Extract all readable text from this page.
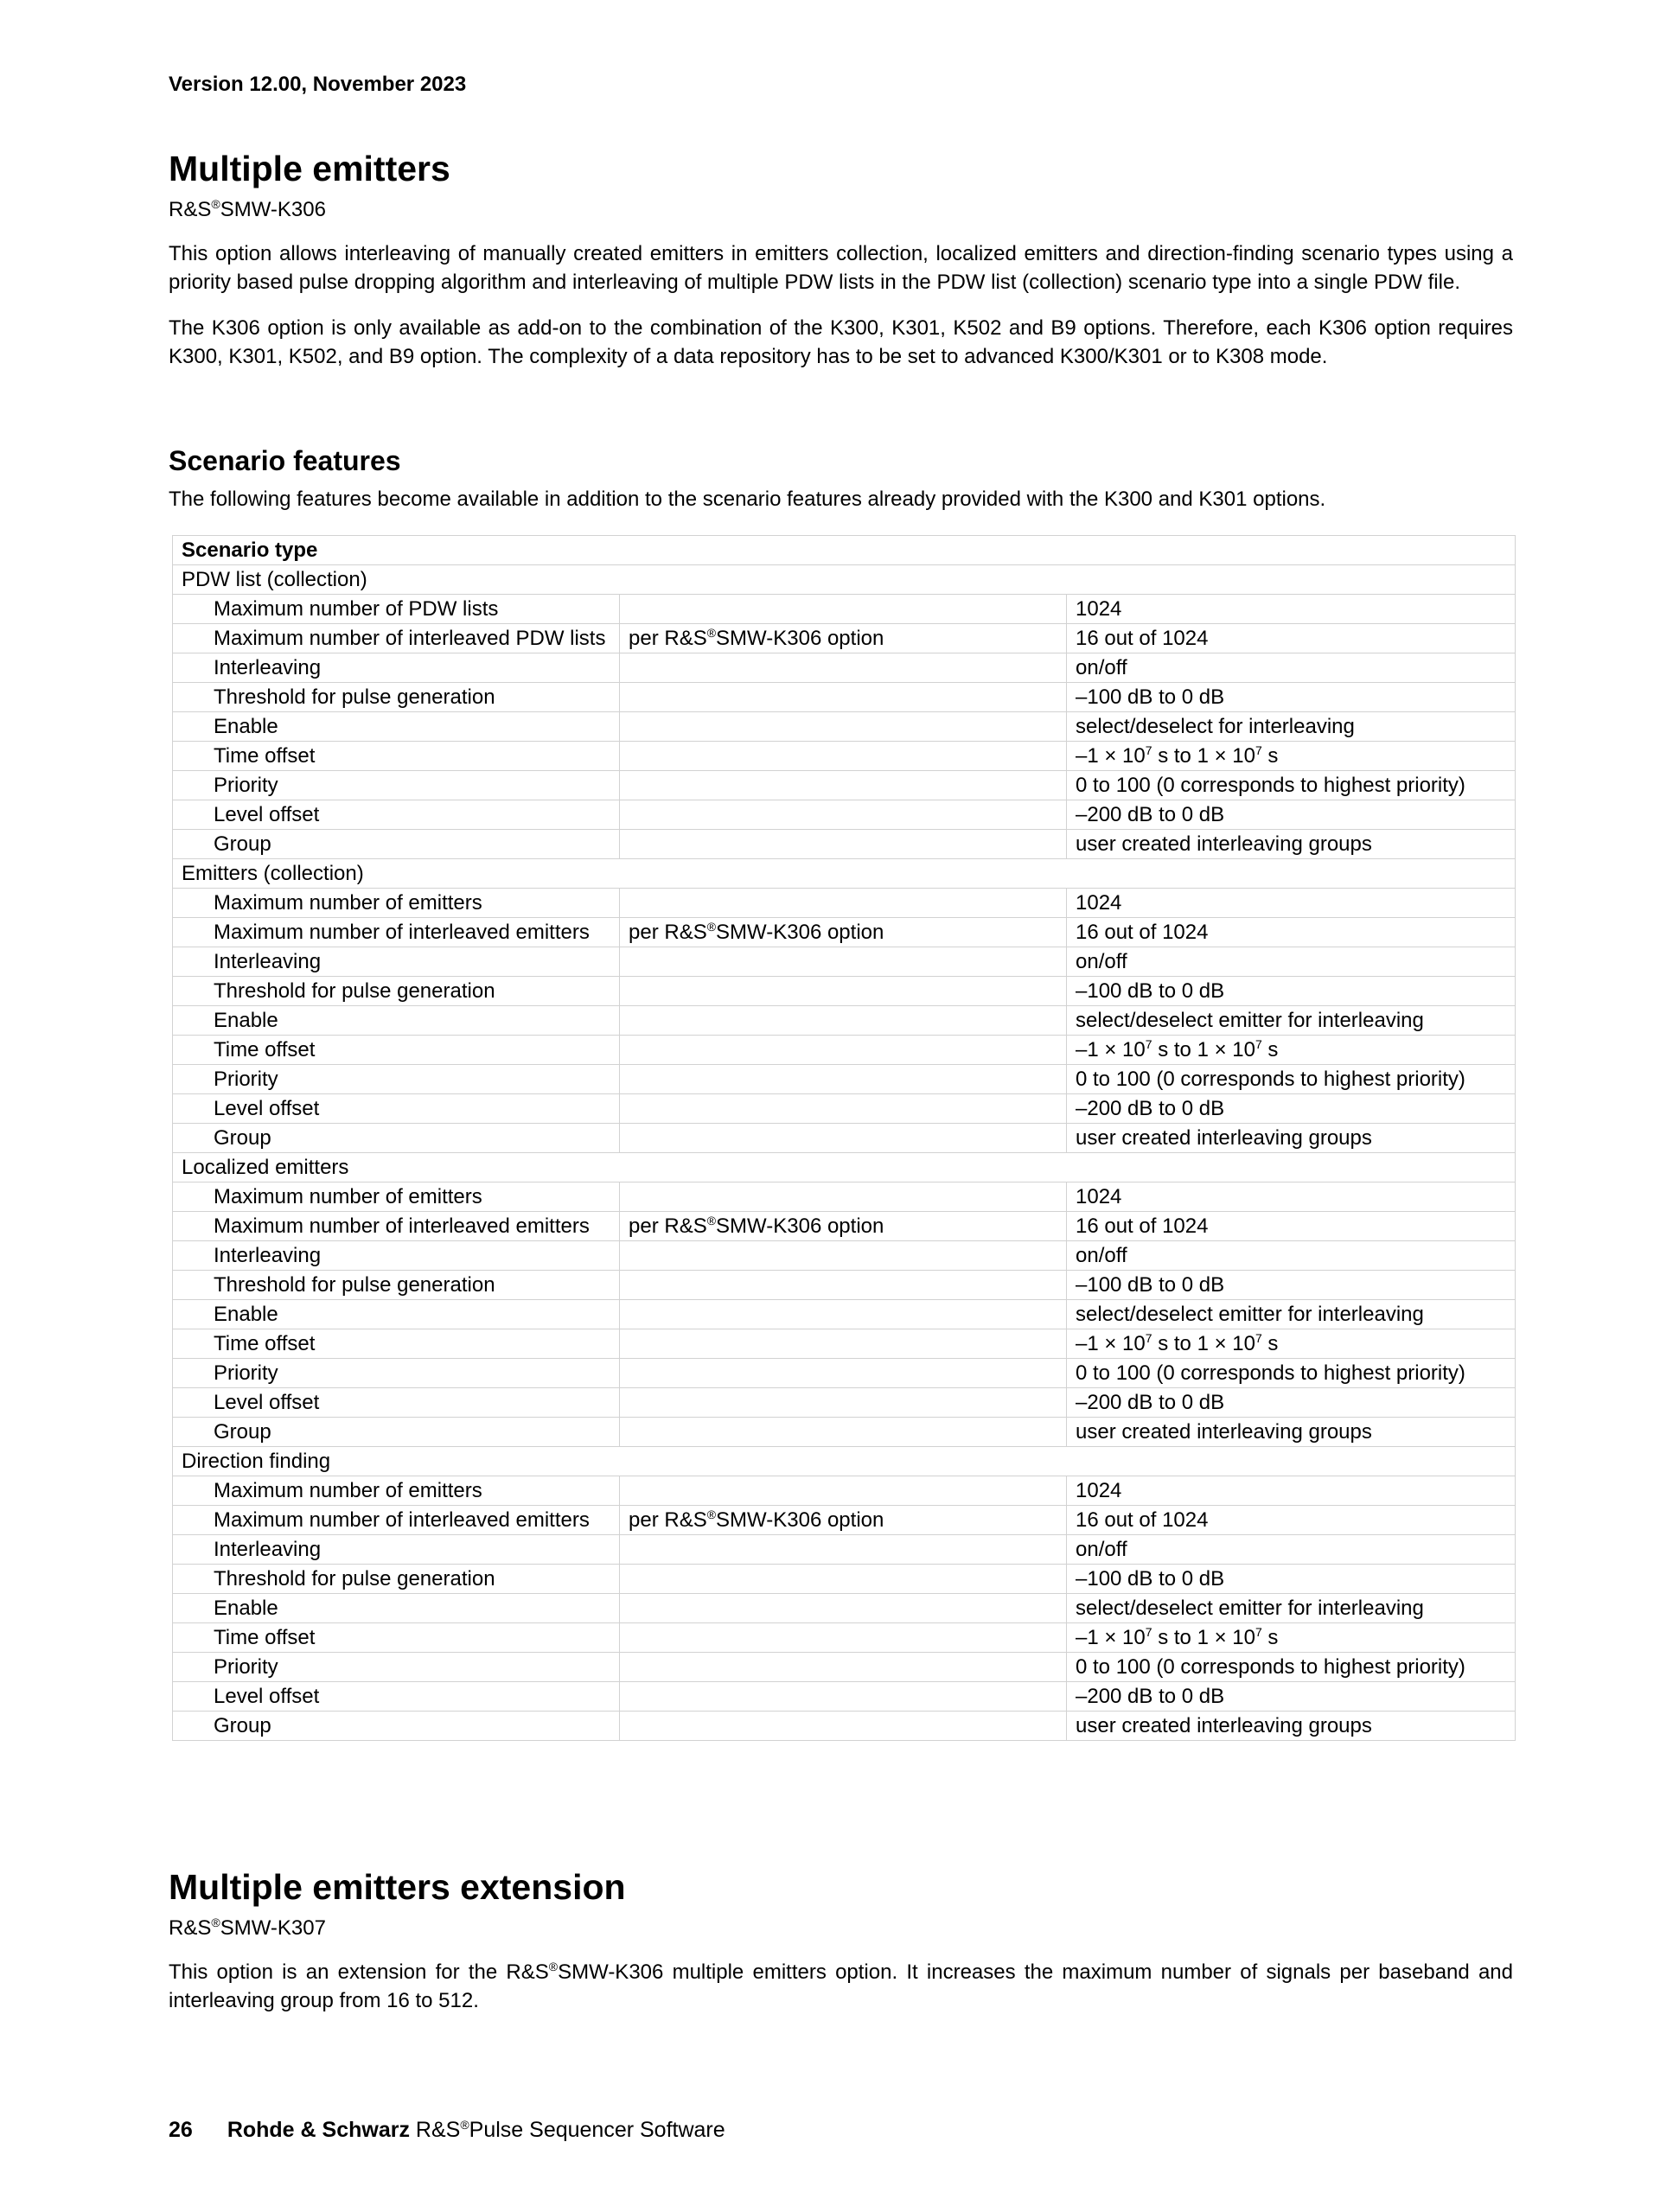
Version 12.00, November 2023
Multiple emitters
R&S®SMW-K306

This option allows interleaving of manually created emitters in emitters collection, localized emitters and direction-finding scenario types using a priority based pulse dropping algorithm and interleaving of multiple PDW lists in the PDW list (collection) scenario type into a single PDW file.

The K306 option is only available as add-on to the combination of the K300, K301, K502 and B9 options. Therefore, each K306 option requires K300, K301, K502, and B9 option. The complexity of a data repository has to be set to advanced K300/K301 or to K308 mode.

Scenario features

The following features become available in addition to the scenario features already provided with the K300 and K301 options.

Scenario type		
PDW list (collection)		
Maximum number of PDW lists		1024
Maximum number of interleaved PDW lists	per R&S®SMW-K306 option	16 out of 1024
Interleaving		on/off
Threshold for pulse generation		–100 dB to 0 dB
Enable		select/deselect for interleaving
Time offset		$-1 \times 10^7$ s to $1 \times 10^7$ s
Priority		0 to 100 (0 corresponds to highest priority)
Level offset		–200 dB to 0 dB
Group		user created interleaving groups
Emitters (collection)		
Maximum number of emitters		1024
Maximum number of interleaved emitters	per R&S®SMW-K306 option	16 out of 1024
Interleaving		on/off
Threshold for pulse generation		–100 dB to 0 dB
Enable		select/deselect emitter for interleaving
Time offset		$-1 \times 10^7$ s to $1 \times 10^7$ s
Priority		0 to 100 (0 corresponds to highest priority)
Level offset		–200 dB to 0 dB
Group		user created interleaving groups
Localized emitters		
Maximum number of emitters		1024
Maximum number of interleaved emitters	per R&S®SMW-K306 option	16 out of 1024
Interleaving		on/off
Threshold for pulse generation		–100 dB to 0 dB
Enable		select/deselect emitter for interleaving
Time offset		$-1 \times 10^7$ s to $1 \times 10^7$ s
Priority		0 to 100 (0 corresponds to highest priority)
Level offset		–200 dB to 0 dB
Group		user created interleaving groups
Direction finding		
Maximum number of emitters		1024
Maximum number of interleaved emitters	per R&S®SMW-K306 option	16 out of 1024
Interleaving		on/off
Threshold for pulse generation		–100 dB to 0 dB
Enable		select/deselect emitter for interleaving
Time offset		$-1 \times 10^7$ s to $1 \times 10^7$ s
Priority		0 to 100 (0 corresponds to highest priority)
Level offset		–200 dB to 0 dB
Group		user created interleaving groups
Multiple emitters extension
R&S®SMW-K307

This option is an extension for the R&S®SMW-K306 multiple emitters option. It increases the maximum number of signals per baseband and interleaving group from 16 to 512.

26 Rohde & Schwarz R&S®Pulse Sequencer Software
